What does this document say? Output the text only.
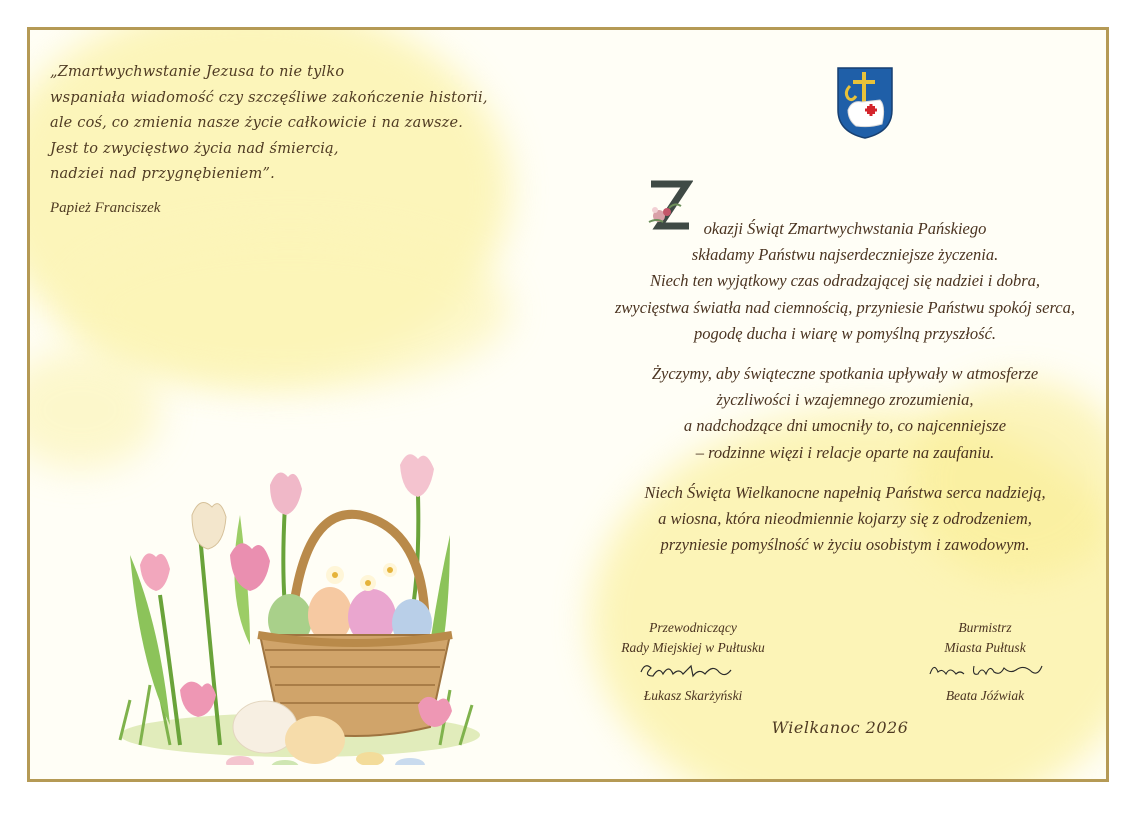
„Zmartwychwstanie Jezusa to nie tylko
wspaniała wiadomość czy szczęśliwe zakończenie historii,
ale coś, co zmienia nasze życie całkowicie i na zawsze.
Jest to zwycięstwo życia nad śmiercią,
nadziei nad przygnębieniem”.
Papież Franciszek
Z	okazji Świąt Zmartwychwstania Pańskiego
składamy Państwu najserdeczniejsze życzenia.
Niech ten wyjątkowy czas odradzającej się nadziei i dobra,
zwycięstwa światła nad ciemnością, przyniesie Państwu spokój serca,
pogodę ducha i wiarę w pomyślną przyszłość.
Życzymy, aby świąteczne spotkania upływały w atmosferze
życzliwości i wzajemnego zrozumienia,
a nadchodzące dni umocniły to, co najcenniejsze
– rodzinne więzi i relacje oparte na zaufaniu.
Niech Święta Wielkanocne napełnią Państwa serca nadzieją,
a wiosna, która nieodmiennie kojarzy się z odrodzeniem,
przyniesie pomyślność w życiu osobistym i zawodowym.
Przewodniczący
Rady Miejskiej w Pułtusku
Łukasz Skarżyński
Burmistrz
Miasta Pułtusk
Beata Jóźwiak
Wielkanoc 2026
